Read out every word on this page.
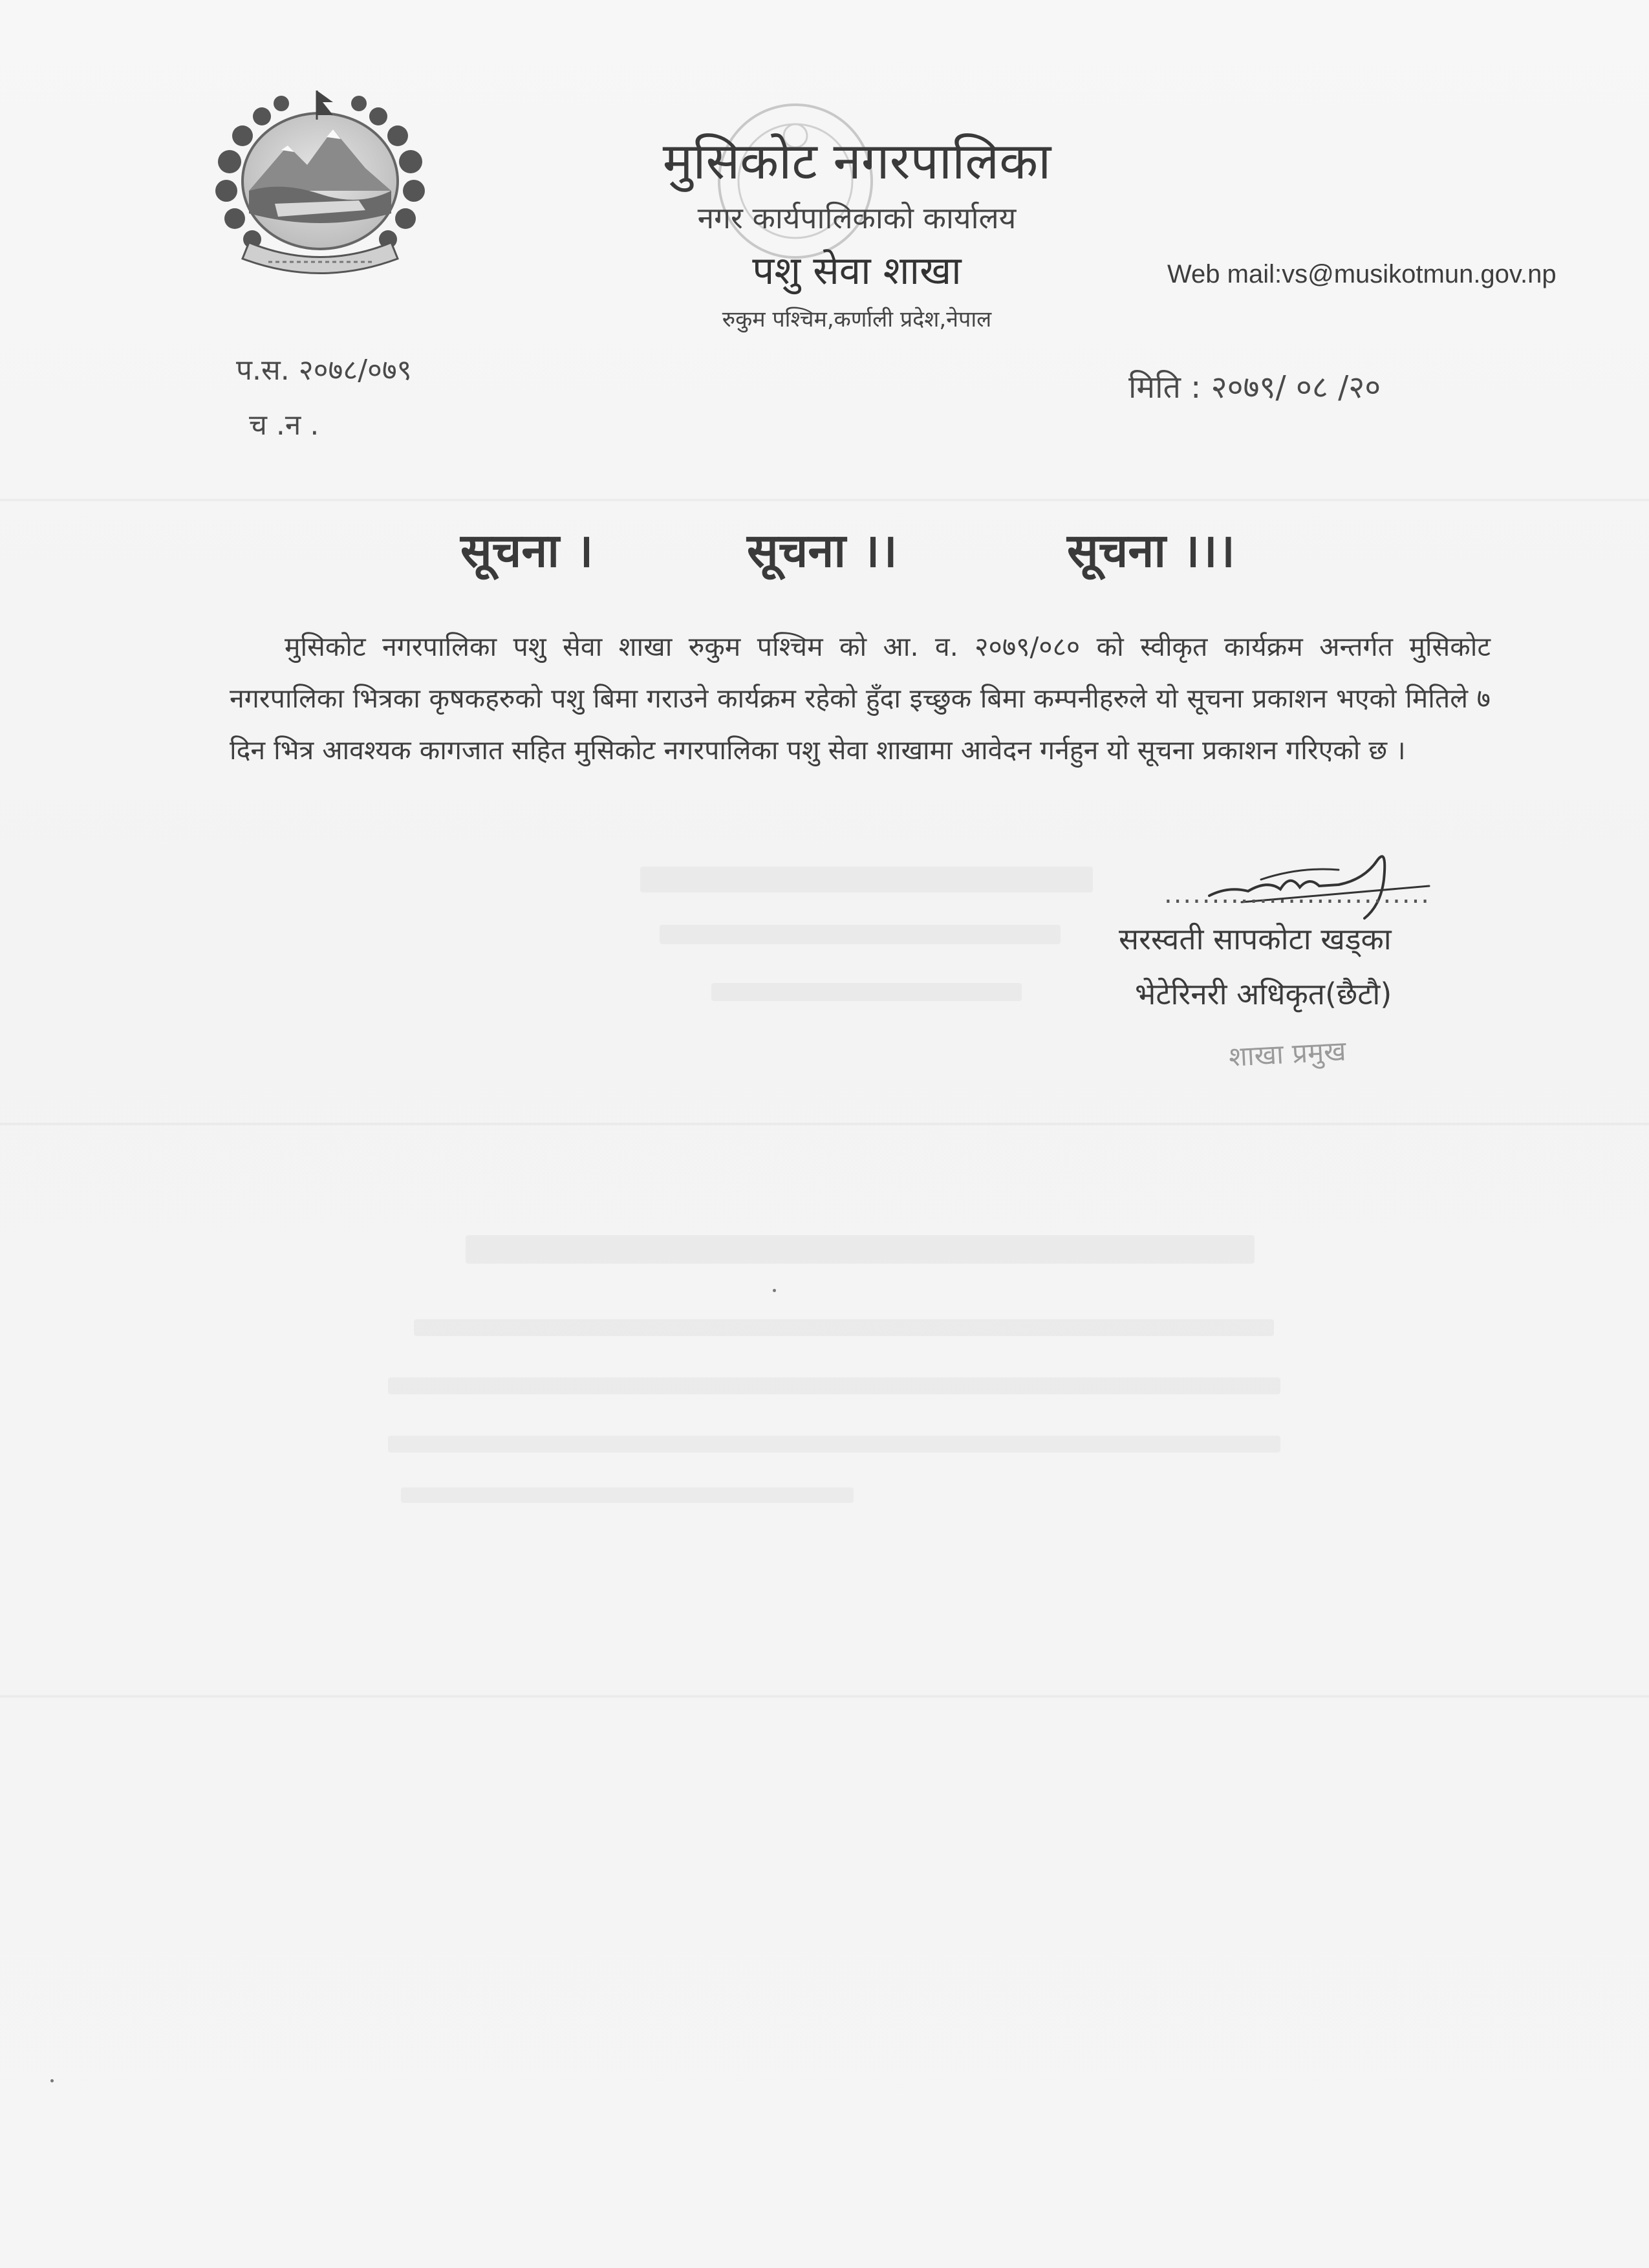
मुसिकोट नगरपालिका
नगर कार्यपालिकाको कार्यालय
पशु सेवा शाखा
रुकुम पश्चिम,कर्णाली प्रदेश,नेपाल
Web mail:vs@musikotmun.gov.np
प.स. २०७८/०७९
च .न .
मिति : २०७९/ ०८ /२०
सूचना ।	सूचना ।।	सूचना ।।।
मुसिकोट नगरपालिका पशु सेवा शाखा रुकुम पश्चिम को आ. व. २०७९/०८० को स्वीकृत कार्यक्रम अन्तर्गत मुसिकोट नगरपालिका भित्रका कृषकहरुको पशु बिमा गराउने कार्यक्रम रहेको हुँदा इच्छुक बिमा कम्पनीहरुले यो सूचना प्रकाशन भएको मितिले ७ दिन भित्र आवश्यक कागजात सहित मुसिकोट नगरपालिका पशु सेवा शाखामा आवेदन गर्नहुन यो सूचना प्रकाशन गरिएको छ ।
............................
सरस्वती सापकोटा खड्का
भेटेरिनरी अधिकृत(छैटौ)
शाखा प्रमुख
